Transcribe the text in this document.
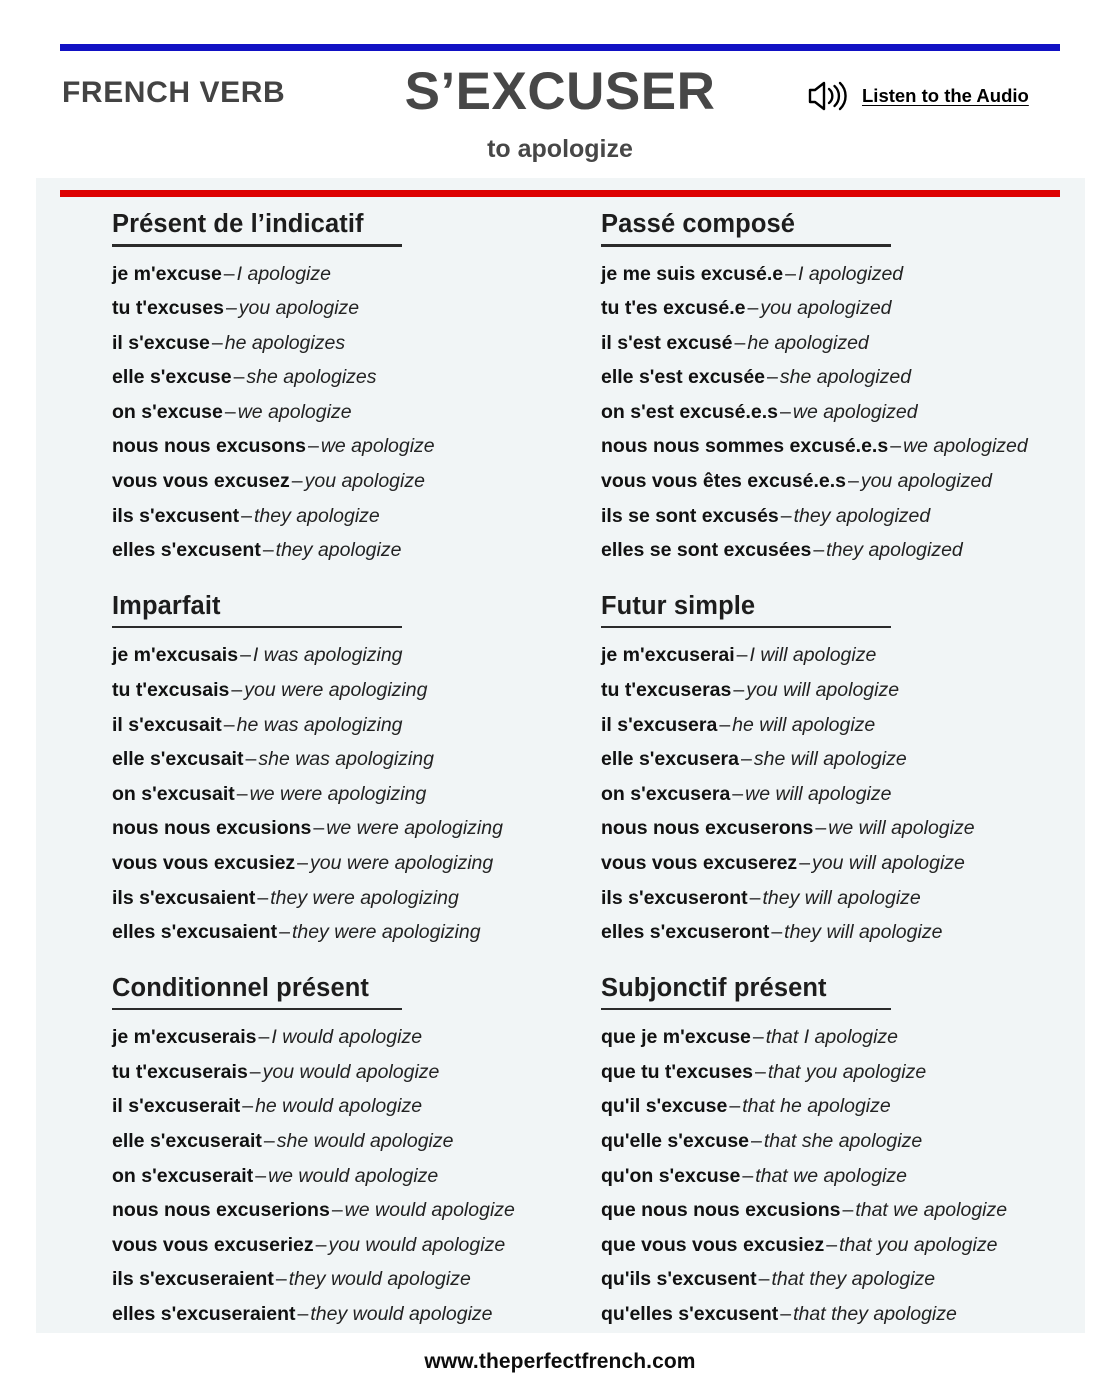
FRENCH VERB	S’EXCUSER
to apologize
Listen to the Audio
Présent de l’indicatif
je m'excuse – I apologize
tu t'excuses – you apologize
il s'excuse – he apologizes
elle s'excuse – she apologizes
on s'excuse – we apologize
nous nous excusons – we apologize
vous vous excusez – you apologize
ils s'excusent – they apologize
elles s'excusent – they apologize
Imparfait
je m'excusais – I was apologizing
tu t'excusais – you were apologizing
il s'excusait – he was apologizing
elle s'excusait – she was apologizing
on s'excusait – we were apologizing
nous nous excusions – we were apologizing
vous vous excusiez – you were apologizing
ils s'excusaient – they were apologizing
elles s'excusaient – they were apologizing
Conditionnel présent
je m'excuserais – I would apologize
tu t'excuserais – you would apologize
il s'excuserait – he would apologize
elle s'excuserait – she would apologize
on s'excuserait – we would apologize
nous nous excuserions – we would apologize
vous vous excuseriez – you would apologize
ils s'excuseraient – they would apologize
elles s'excuseraient – they would apologize
Passé composé
je me suis excusé.e – I apologized
tu t'es excusé.e – you apologized
il s'est excusé – he apologized
elle s'est excusée – she apologized
on s'est excusé.e.s – we apologized
nous nous sommes excusé.e.s – we apologized
vous vous êtes excusé.e.s – you apologized
ils se sont excusés – they apologized
elles se sont excusées – they apologized
Futur simple
je m'excuserai – I will apologize
tu t'excuseras – you will apologize
il s'excusera – he will apologize
elle s'excusera – she will apologize
on s'excusera – we will apologize
nous nous excuserons – we will apologize
vous vous excuserez – you will apologize
ils s'excuseront – they will apologize
elles s'excuseront – they will apologize
Subjonctif présent
que je m'excuse – that I apologize
que tu t'excuses – that you apologize
qu'il s'excuse – that he apologize
qu'elle s'excuse – that she apologize
qu'on s'excuse – that we apologize
que nous nous excusions – that we apologize
que vous vous excusiez – that you apologize
qu'ils s'excusent – that they apologize
qu'elles s'excusent – that they apologize
www.theperfectfrench.com
